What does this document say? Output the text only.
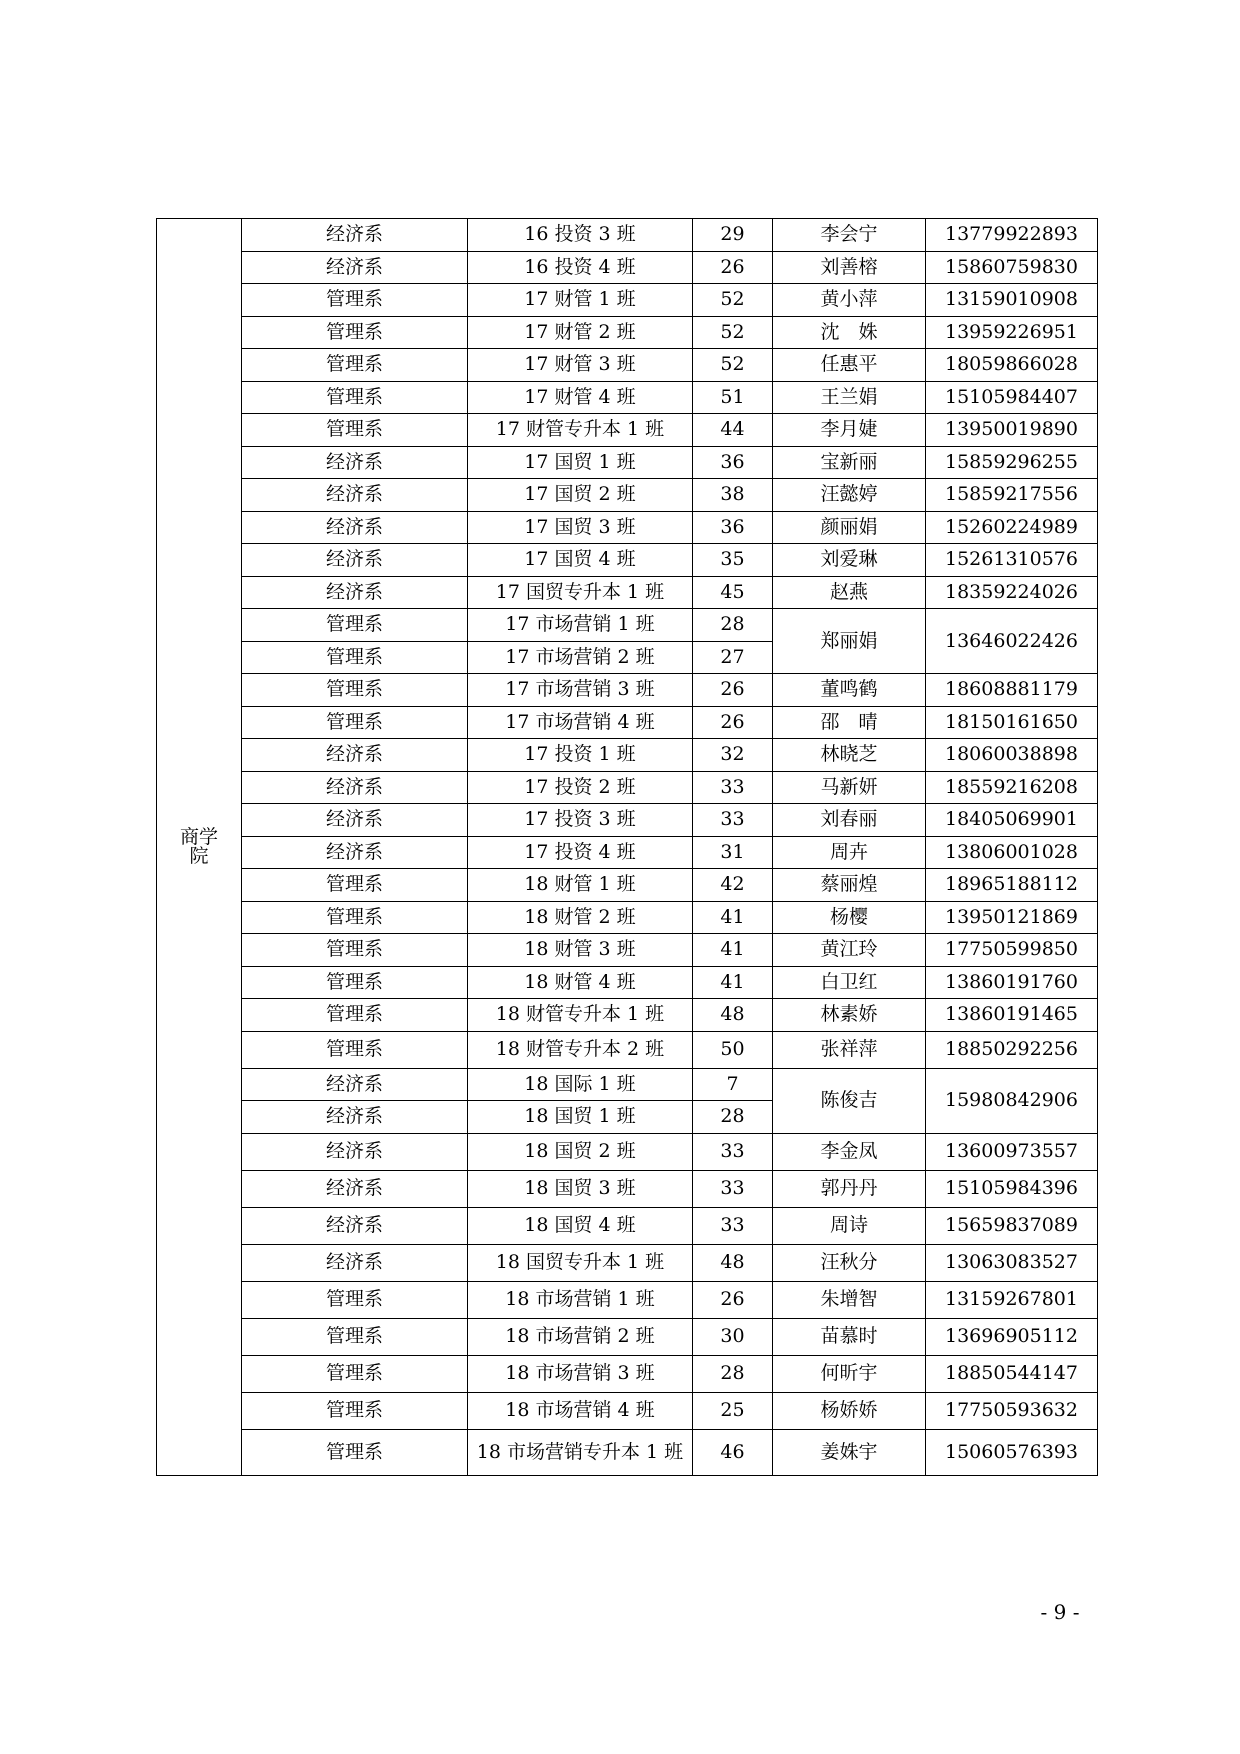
商学院	经济系	16 投资 3 班	29	李会宁	13779922893
	经济系	16 投资 4 班	26	刘善榕	15860759830
	管理系	17 财管 1 班	52	黄小萍	13159010908
	管理系	17 财管 2 班	52	沈　姝	13959226951
	管理系	17 财管 3 班	52	任惠平	18059866028
	管理系	17 财管 4 班	51	王兰娟	15105984407
	管理系	17 财管专升本 1 班	44	李月婕	13950019890
	经济系	17 国贸 1 班	36	宝新丽	15859296255
	经济系	17 国贸 2 班	38	汪懿婷	15859217556
	经济系	17 国贸 3 班	36	颜丽娟	15260224989
	经济系	17 国贸 4 班	35	刘爱琳	15261310576
	经济系	17 国贸专升本 1 班	45	赵燕	18359224026
	管理系	17 市场营销 1 班	28	郑丽娟	13646022426
	管理系	17 市场营销 2 班	27		
	管理系	17 市场营销 3 班	26	董鸣鹤	18608881179
	管理系	17 市场营销 4 班	26	邵　晴	18150161650
	经济系	17 投资 1 班	32	林晓芝	18060038898
	经济系	17 投资 2 班	33	马新妍	18559216208
	经济系	17 投资 3 班	33	刘春丽	18405069901
	经济系	17 投资 4 班	31	周卉	13806001028
	管理系	18 财管 1 班	42	蔡丽煌	18965188112
	管理系	18 财管 2 班	41	杨樱	13950121869
	管理系	18 财管 3 班	41	黄江玲	17750599850
	管理系	18 财管 4 班	41	白卫红	13860191760
	管理系	18 财管专升本 1 班	48	林素娇	13860191465
	管理系	18 财管专升本 2 班	50	张祥萍	18850292256
	经济系	18 国际 1 班	7	陈俊吉	15980842906
	经济系	18 国贸 1 班	28		
	经济系	18 国贸 2 班	33	李金凤	13600973557
	经济系	18 国贸 3 班	33	郭丹丹	15105984396
	经济系	18 国贸 4 班	33	周诗	15659837089
	经济系	18 国贸专升本 1 班	48	汪秋分	13063083527
	管理系	18 市场营销 1 班	26	朱增智	13159267801
	管理系	18 市场营销 2 班	30	苗慕时	13696905112
	管理系	18 市场营销 3 班	28	何昕宇	18850544147
	管理系	18 市场营销 4 班	25	杨娇娇	17750593632
	管理系	18 市场营销专升本 1 班	46	姜姝宇	15060576393
- 9 -
